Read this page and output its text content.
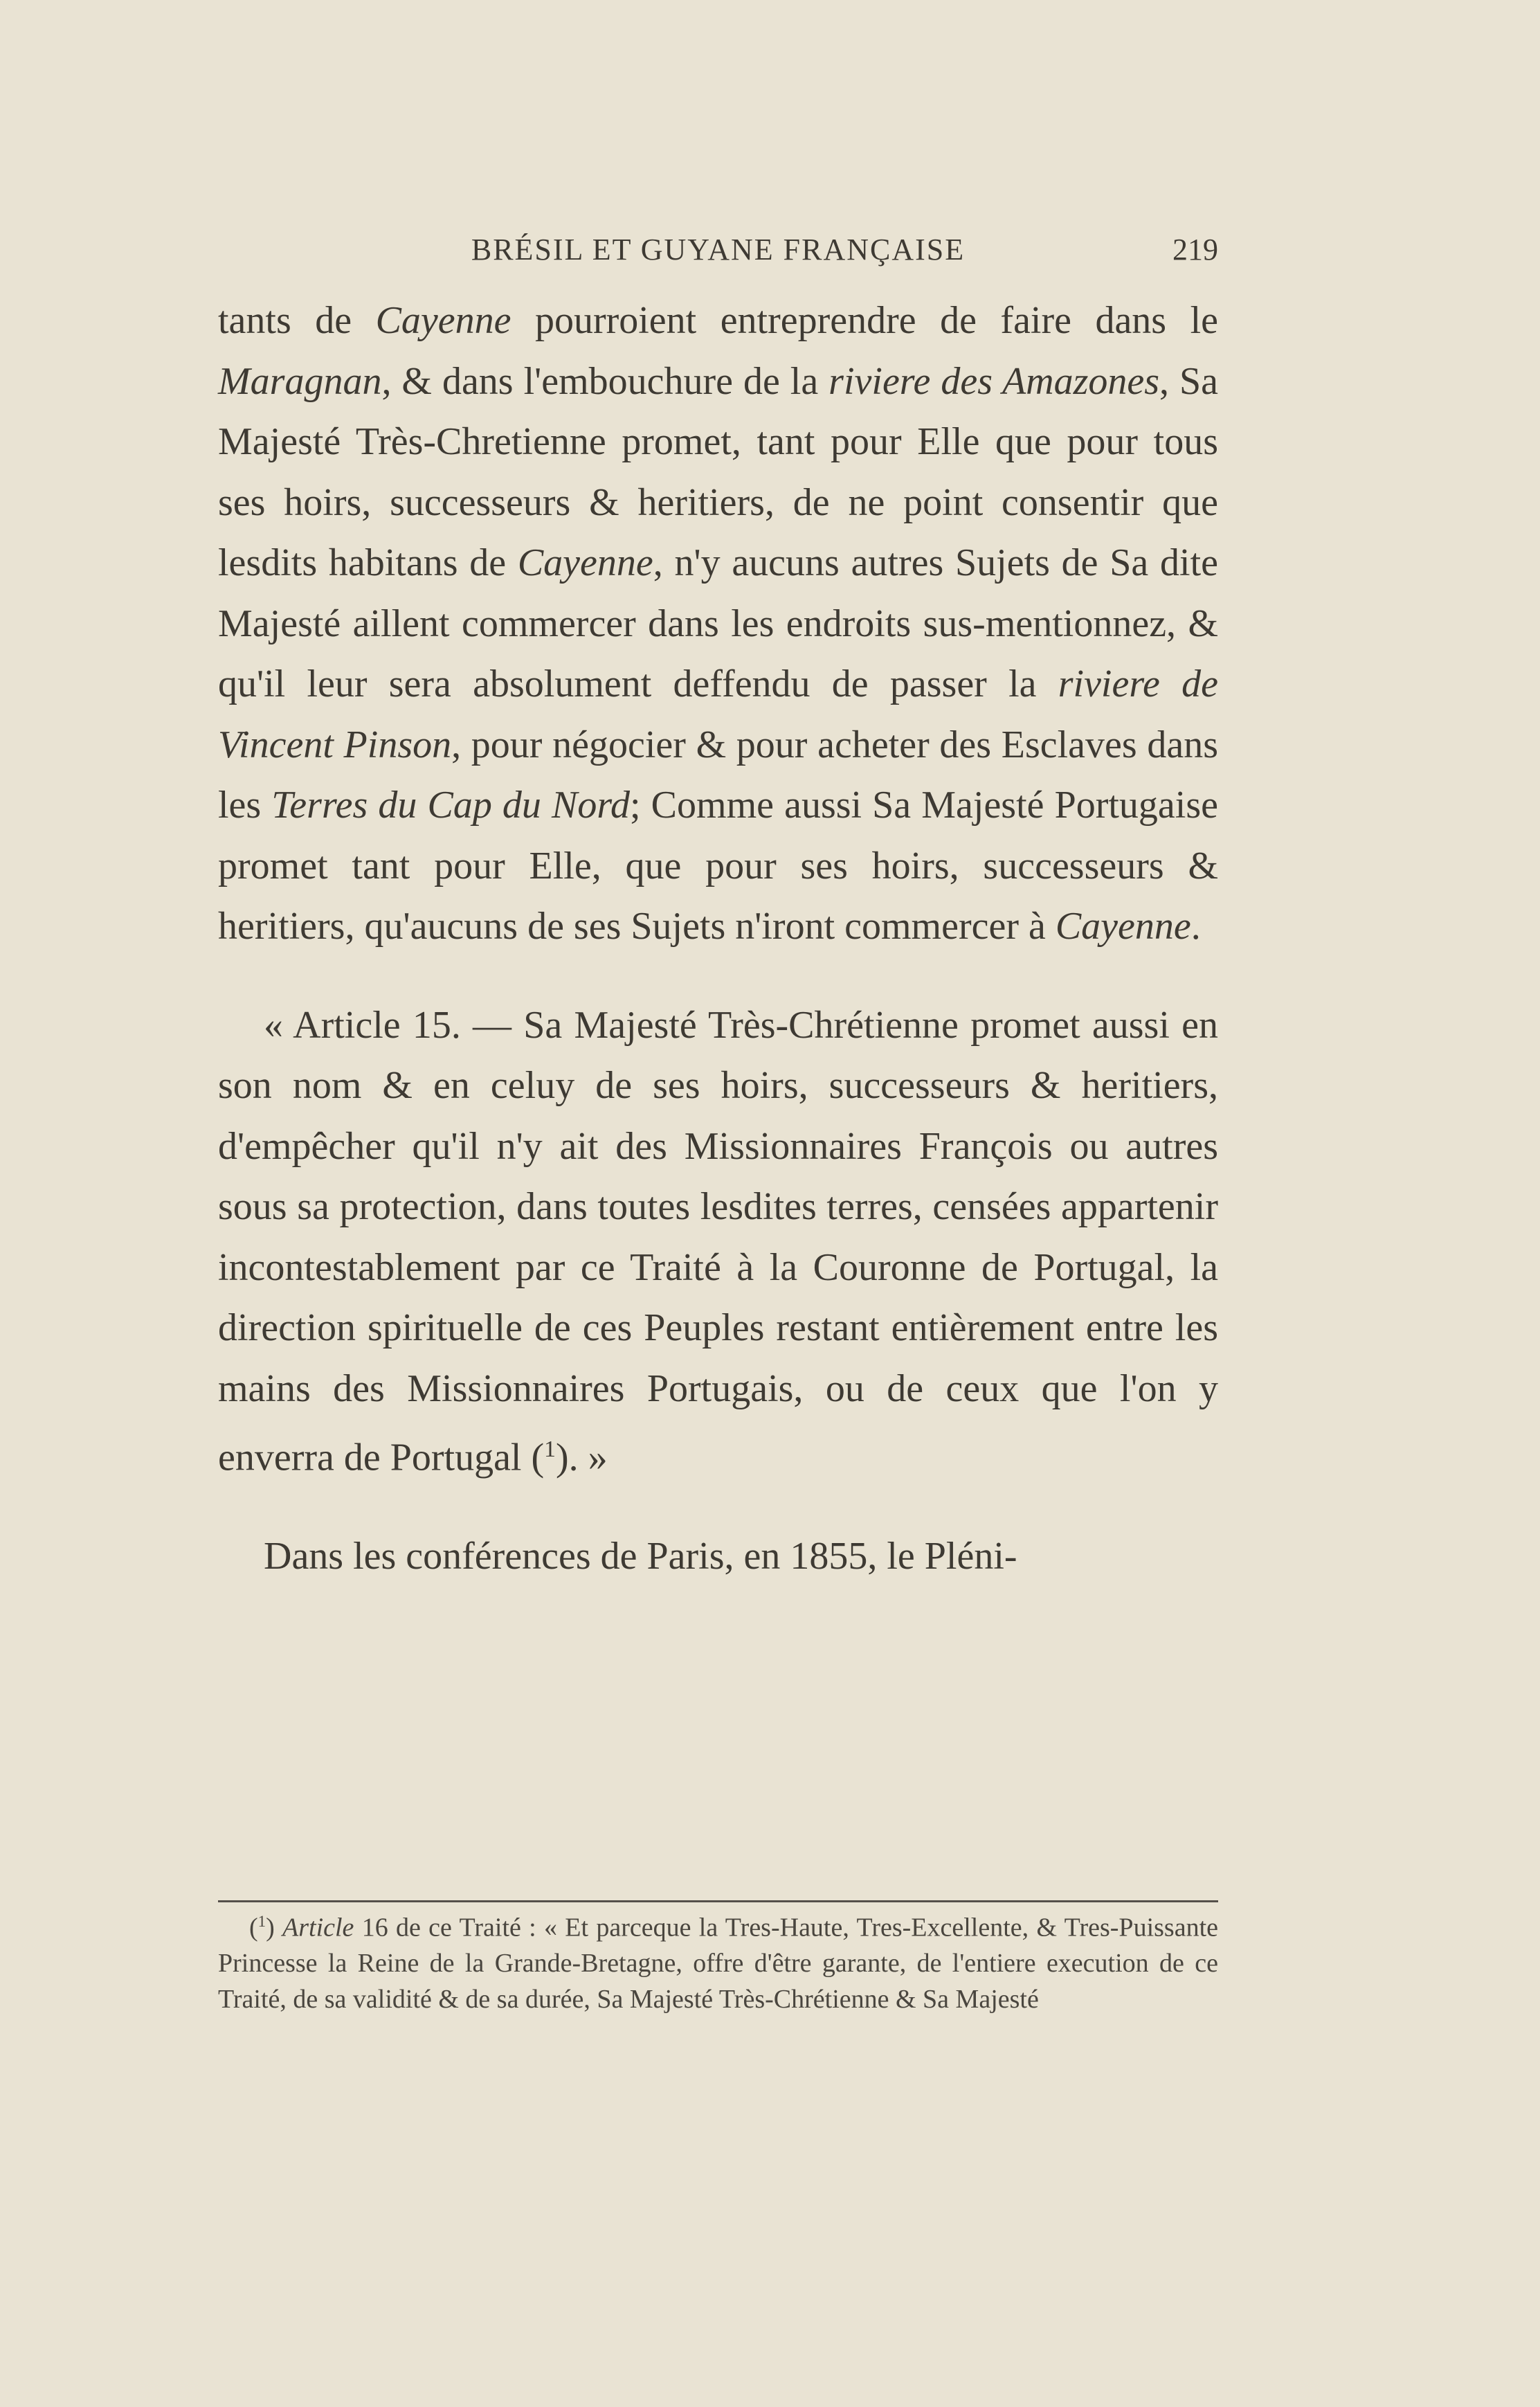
BRÉSIL ET GUYANE FRANÇAISE	219

tants de Cayenne pourroient entreprendre de faire dans le Maragnan, & dans l'embouchure de la riviere des Amazones, Sa Majesté Très-Chretienne promet, tant pour Elle que pour tous ses hoirs, successeurs & heritiers, de ne point consentir que lesdits habitans de Cayenne, n'y aucuns autres Sujets de Sa dite Majesté aillent commercer dans les endroits sus-mentionnez, & qu'il leur sera absolument deffendu de passer la riviere de Vincent Pinson, pour négocier & pour acheter des Esclaves dans les Terres du Cap du Nord; Comme aussi Sa Majesté Portugaise promet tant pour Elle, que pour ses hoirs, successeurs & heritiers, qu'aucuns de ses Sujets n'iront commercer à Cayenne.

« Article 15. — Sa Majesté Très-Chrétienne promet aussi en son nom & en celuy de ses hoirs, successeurs & heritiers, d'empêcher qu'il n'y ait des Missionnaires François ou autres sous sa protection, dans toutes lesdites terres, censées appartenir incontestablement par ce Traité à la Couronne de Portugal, la direction spirituelle de ces Peuples restant entièrement entre les mains des Missionnaires Portugais, ou de ceux que l'on y enverra de Portugal ($^1$). »

Dans les conférences de Paris, en 1855, le Pléni-

($^1$) Article 16 de ce Traité : « Et parceque la Tres-Haute, Tres-Excellente, & Tres-Puissante Princesse la Reine de la Grande-Bretagne, offre d'être garante, de l'entiere execution de ce Traité, de sa validité & de sa durée, Sa Majesté Très-Chrétienne & Sa Majesté
